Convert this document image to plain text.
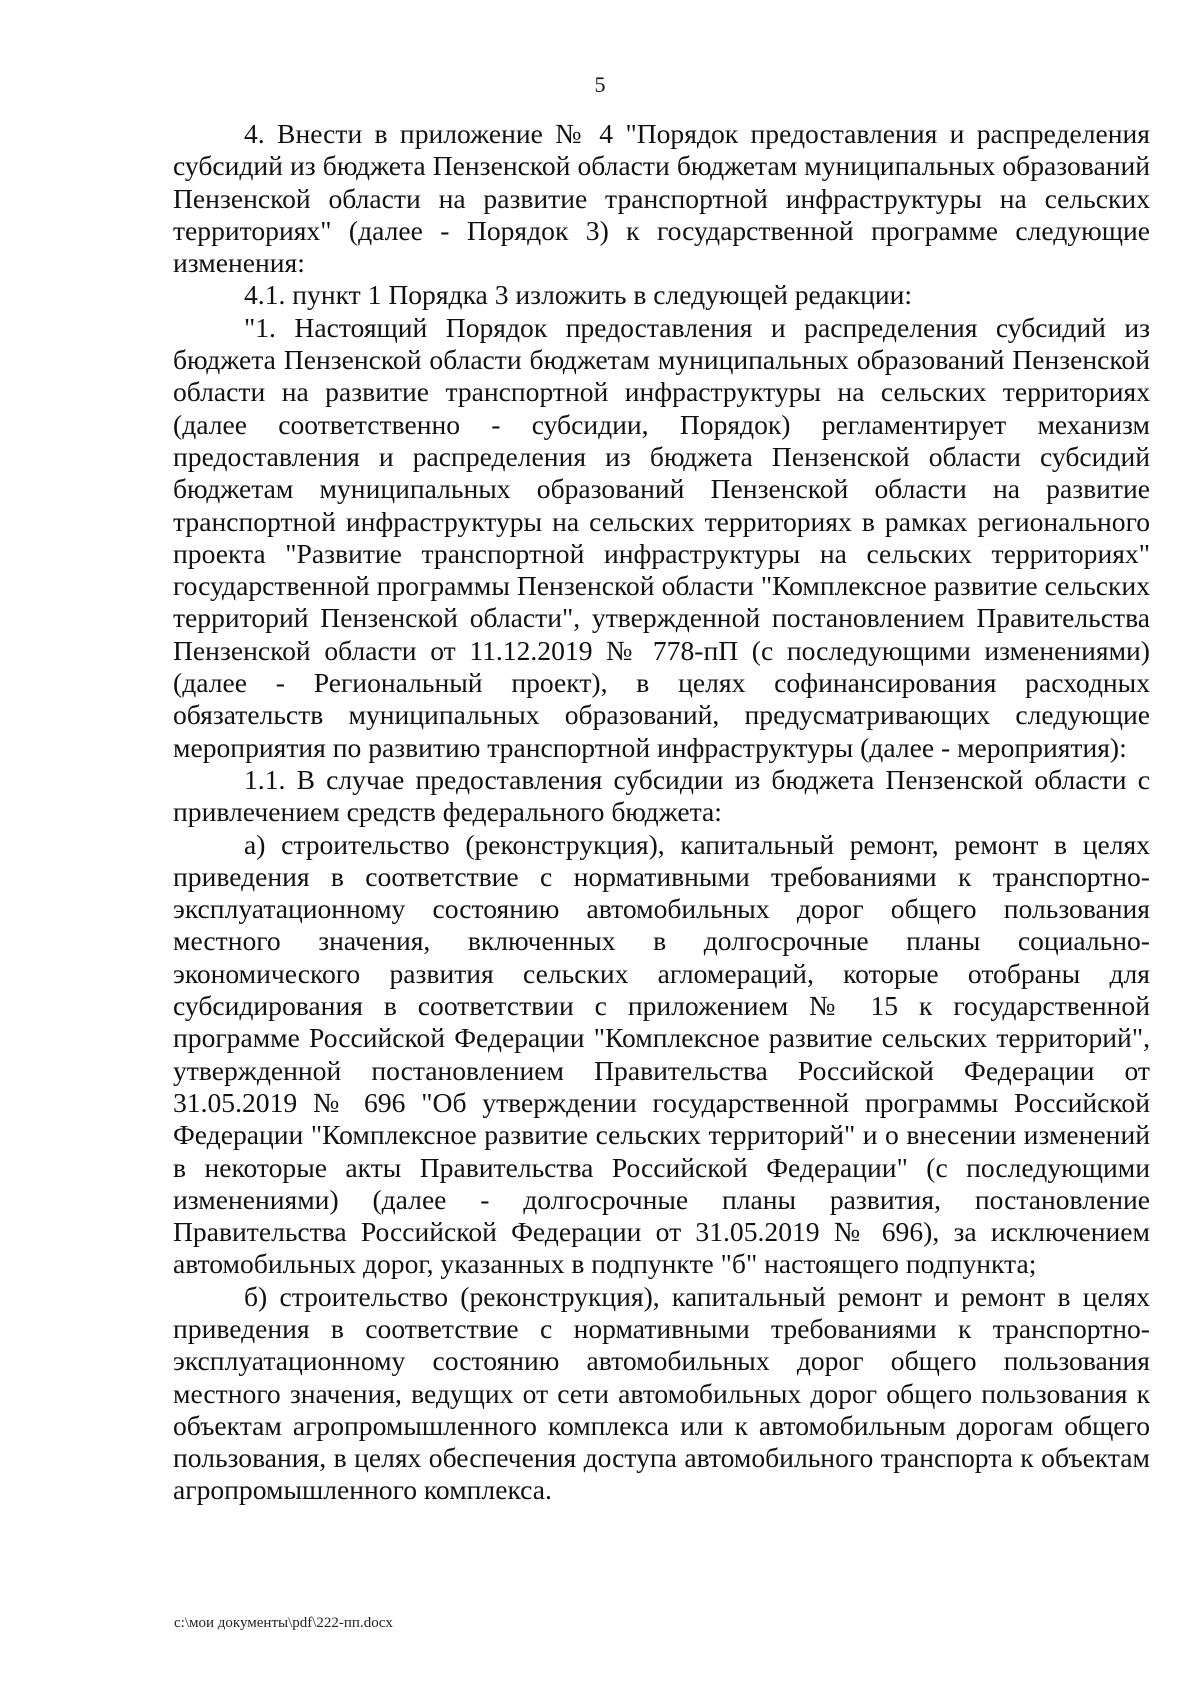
5

4. Внести в приложение № 4 "Порядок предоставления и распределения субсидий из бюджета Пензенской области бюджетам муниципальных образований Пензенской области на развитие транспортной инфраструктуры на сельских территориях" (далее - Порядок 3) к государственной программе следующие изменения:

4.1. пункт 1 Порядка 3 изложить в следующей редакции:

"1. Настоящий Порядок предоставления и распределения субсидий из бюджета Пензенской области бюджетам муниципальных образований Пензенской области на развитие транспортной инфраструктуры на сельских территориях (далее соответственно - субсидии, Порядок) регламентирует механизм предоставления и распределения из бюджета Пензенской области субсидий бюджетам муниципальных образований Пензенской области на развитие транспортной инфраструктуры на сельских территориях в рамках регионального проекта "Развитие транспортной инфраструктуры на сельских территориях" государственной программы Пензенской области "Комплексное развитие сельских территорий Пензенской области", утвержденной постановлением Правительства Пензенской области от 11.12.2019 № 778-пП (с последующими изменениями) (далее - Региональный проект), в целях софинансирования расходных обязательств муниципальных образований, предусматривающих следующие мероприятия по развитию транспортной инфраструктуры (далее - мероприятия):

1.1. В случае предоставления субсидии из бюджета Пензенской области с привлечением средств федерального бюджета:

а) строительство (реконструкция), капитальный ремонт, ремонт в целях приведения в соответствие с нормативными требованиями к транспортно-эксплуатационному состоянию автомобильных дорог общего пользования местного значения, включенных в долгосрочные планы социально-экономического развития сельских агломераций, которые отобраны для субсидирования в соответствии с приложением № 15 к государственной программе Российской Федерации "Комплексное развитие сельских территорий", утвержденной постановлением Правительства Российской Федерации от 31.05.2019 № 696 "Об утверждении государственной программы Российской Федерации "Комплексное развитие сельских территорий" и о внесении изменений в некоторые акты Правительства Российской Федерации" (с последующими изменениями) (далее - долгосрочные планы развития, постановление Правительства Российской Федерации от 31.05.2019 № 696), за исключением автомобильных дорог, указанных в подпункте "б" настоящего подпункта;

б) строительство (реконструкция), капитальный ремонт и ремонт в целях приведения в соответствие с нормативными требованиями к транспортно-эксплуатационному состоянию автомобильных дорог общего пользования местного значения, ведущих от сети автомобильных дорог общего пользования к объектам агропромышленного комплекса или к автомобильным дорогам общего пользования, в целях обеспечения доступа автомобильного транспорта к объектам агропромышленного комплекса.

c:\мои документы\pdf\222-пп.docx
